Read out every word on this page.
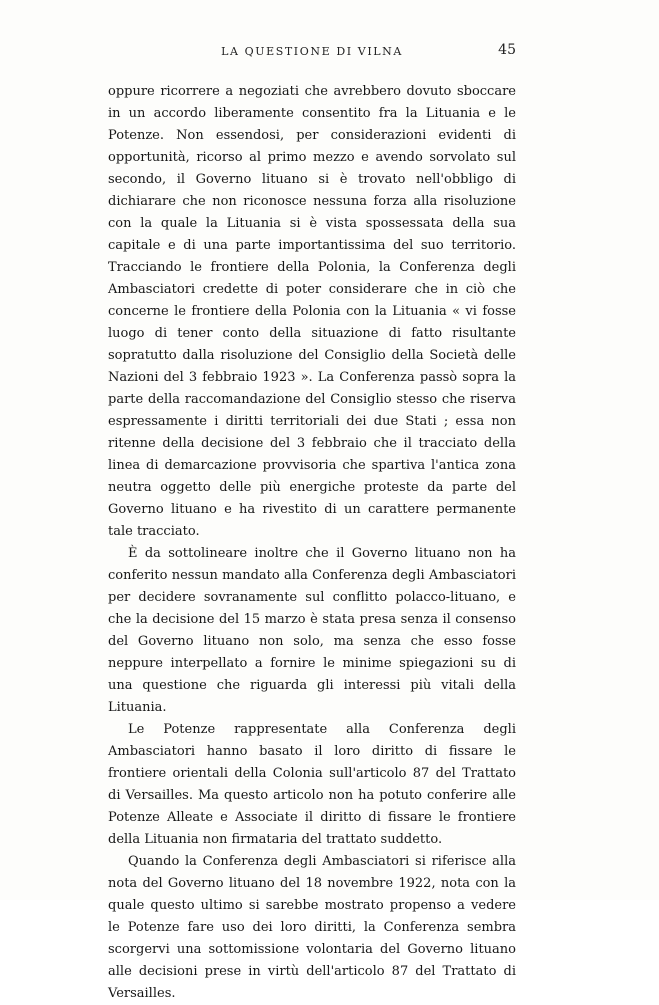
LA QUESTIONE DI VILNA	45

oppure ricorrere a negoziati che avrebbero dovuto sboccare in un accordo liberamente consentito fra la Lituania e le Potenze. Non essendosi, per considerazioni evidenti di opportunità, ricorso al primo mezzo e avendo sorvolato sul secondo, il Governo lituano si è trovato nell'obbligo di dichiarare che non riconosce nessuna forza alla risoluzione con la quale la Lituania si è vista spossessata della sua capitale e di una parte importantissima del suo territorio. Tracciando le frontiere della Polonia, la Conferenza degli Ambasciatori credette di poter considerare che in ciò che concerne le frontiere della Polonia con la Lituania « vi fosse luogo di tener conto della situazione di fatto risultante sopratutto dalla risoluzione del Consiglio della Società delle Nazioni del 3 febbraio 1923 ». La Conferenza passò sopra la parte della raccomandazione del Consiglio stesso che riserva espressamente i diritti territoriali dei due Stati ; essa non ritenne della decisione del 3 febbraio che il tracciato della linea di demarcazione provvisoria che spartiva l'antica zona neutra oggetto delle più energiche proteste da parte del Governo lituano e ha rivestito di un carattere permanente tale tracciato.

È da sottolineare inoltre che il Governo lituano non ha conferito nessun mandato alla Conferenza degli Ambasciatori per decidere sovranamente sul conflitto polacco-lituano, e che la decisione del 15 marzo è stata presa senza il consenso del Governo lituano non solo, ma senza che esso fosse neppure interpellato a fornire le minime spiegazioni su di una questione che riguarda gli interessi più vitali della Lituania.

Le Potenze rappresentate alla Conferenza degli Ambasciatori hanno basato il loro diritto di fissare le frontiere orientali della Colonia sull'articolo 87 del Trattato di Versailles. Ma questo articolo non ha potuto conferire alle Potenze Alleate e Associate il diritto di fissare le frontiere della Lituania non firmataria del trattato suddetto.

Quando la Conferenza degli Ambasciatori si riferisce alla nota del Governo lituano del 18 novembre 1922, nota con la quale questo ultimo si sarebbe mostrato propenso a vedere le Potenze fare uso dei loro diritti, la Conferenza sembra scorgervi una sottomissione volontaria del Governo lituano alle decisioni prese in virtù dell'articolo 87 del Trattato di Versailles.
